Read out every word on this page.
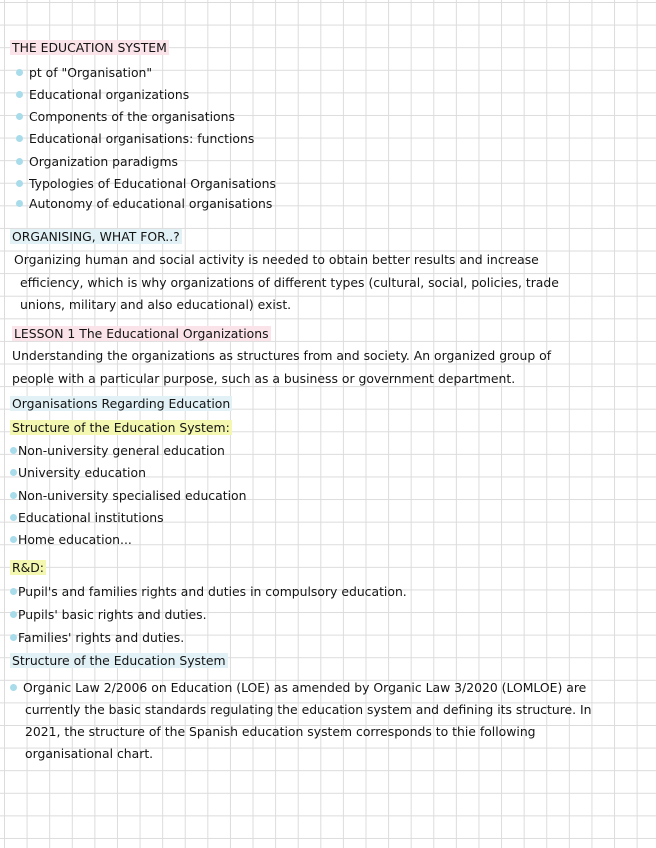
THE EDUCATION SYSTEM
pt of "Organisation"
Educational organizations
Components of the organisations
Educational organisations: functions
Organization paradigms
Typologies of Educational Organisations
Autonomy of educational organisations
ORGANISING, WHAT FOR..?
Organizing human and social activity is needed to obtain better results and increase
efficiency, which is why organizations of different types (cultural, social, policies, trade
unions, military and also educational) exist.
LESSON 1 The Educational Organizations
Understanding the organizations as structures from and society. An organized group of
people with a particular purpose, such as a business or government department.
Organisations Regarding Education
Structure of the Education System:
Non-university general education
University education
Non-university specialised education
Educational institutions
Home education...
R&D:
Pupil's and families rights and duties in compulsory education.
Pupils' basic rights and duties.
Families' rights and duties.
Structure of the Education System
Organic Law 2/2006 on Education (LOE) as amended by Organic Law 3/2020 (LOMLOE) are
currently the basic standards regulating the education system and defining its structure. In
2021, the structure of the Spanish education system corresponds to thie following
organisational chart.
